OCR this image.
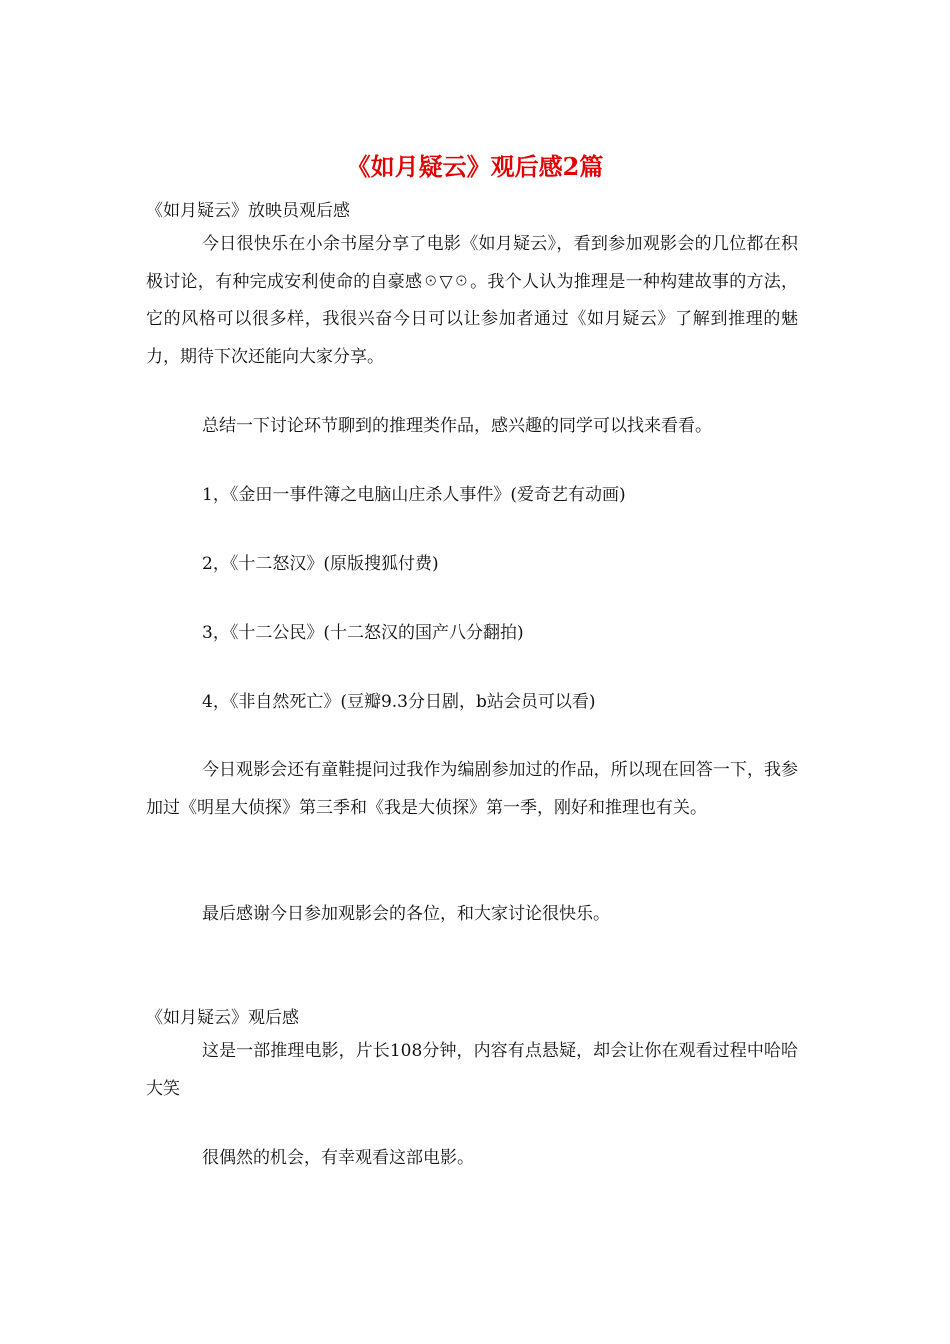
《如月疑云》观后感2篇

《如月疑云》放映员观后感

今日很快乐在小余书屋分享了电影《如月疑云》，看到参加观影会的几位都在积极讨论，有种完成安利使命的自豪感☉▽☉。我个人认为推理是一种构建故事的方法，它的风格可以很多样，我很兴奋今日可以让参加者通过《如月疑云》了解到推理的魅力，期待下次还能向大家分享。

总结一下讨论环节聊到的推理类作品，感兴趣的同学可以找来看看。

1，《金田一事件簿之电脑山庄杀人事件》(爱奇艺有动画)

2，《十二怒汉》(原版搜狐付费)

3，《十二公民》(十二怒汉的国产八分翻拍)

4，《非自然死亡》(豆瓣9.3分日剧，b站会员可以看)

今日观影会还有童鞋提问过我作为编剧参加过的作品，所以现在回答一下，我参加过《明星大侦探》第三季和《我是大侦探》第一季，刚好和推理也有关。

最后感谢今日参加观影会的各位，和大家讨论很快乐。

《如月疑云》观后感

这是一部推理电影，片长108分钟，内容有点悬疑，却会让你在观看过程中哈哈大笑

很偶然的机会，有幸观看这部电影。
